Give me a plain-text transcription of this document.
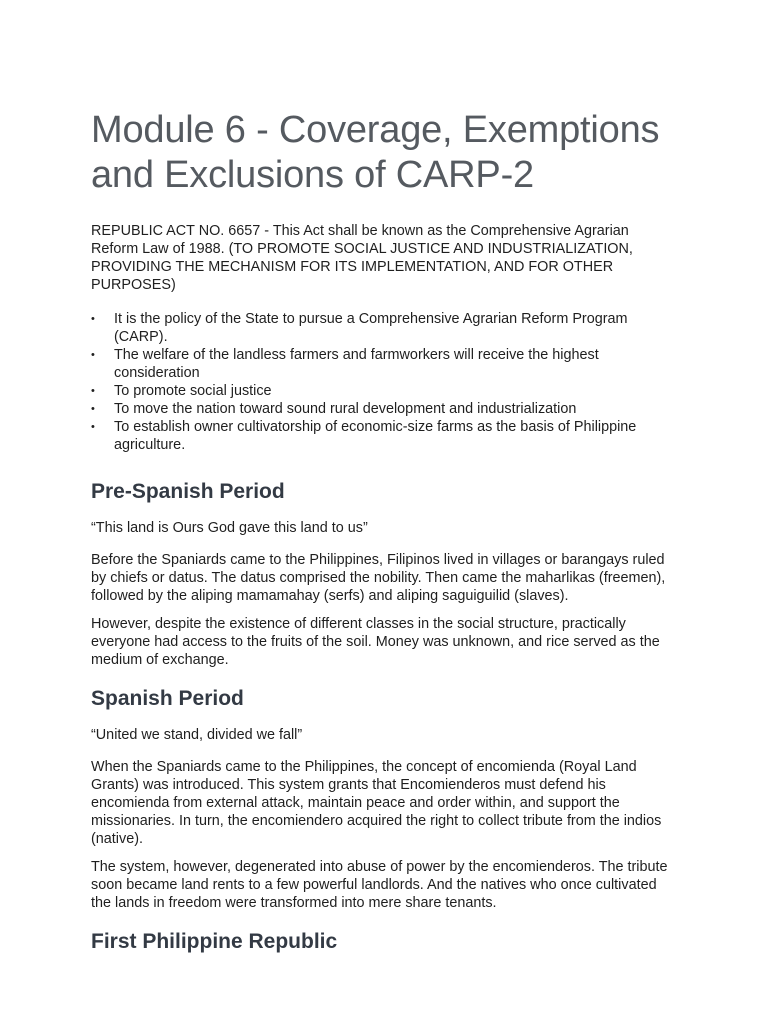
Module 6 - Coverage, Exemptions and Exclusions of CARP-2

REPUBLIC ACT NO. 6657 - This Act shall be known as the Comprehensive Agrarian Reform Law of 1988. (TO PROMOTE SOCIAL JUSTICE AND INDUSTRIALIZATION, PROVIDING THE MECHANISM FOR ITS IMPLEMENTATION, AND FOR OTHER PURPOSES)

• It is the policy of the State to pursue a Comprehensive Agrarian Reform Program (CARP).
• The welfare of the landless farmers and farmworkers will receive the highest consideration
• To promote social justice
• To move the nation toward sound rural development and industrialization
• To establish owner cultivatorship of economic-size farms as the basis of Philippine agriculture.
Pre-Spanish Period

“This land is Ours God gave this land to us”

Before the Spaniards came to the Philippines, Filipinos lived in villages or barangays ruled by chiefs or datus. The datus comprised the nobility. Then came the maharlikas (freemen), followed by the aliping mamamahay (serfs) and aliping saguiguilid (slaves).

However, despite the existence of different classes in the social structure, practically everyone had access to the fruits of the soil. Money was unknown, and rice served as the medium of exchange.

Spanish Period

“United we stand, divided we fall”

When the Spaniards came to the Philippines, the concept of encomienda (Royal Land Grants) was introduced. This system grants that Encomienderos must defend his encomienda from external attack, maintain peace and order within, and support the missionaries. In turn, the encomiendero acquired the right to collect tribute from the indios (native).

The system, however, degenerated into abuse of power by the encomienderos. The tribute soon became land rents to a few powerful landlords. And the natives who once cultivated the lands in freedom were transformed into mere share tenants.

First Philippine Republic
